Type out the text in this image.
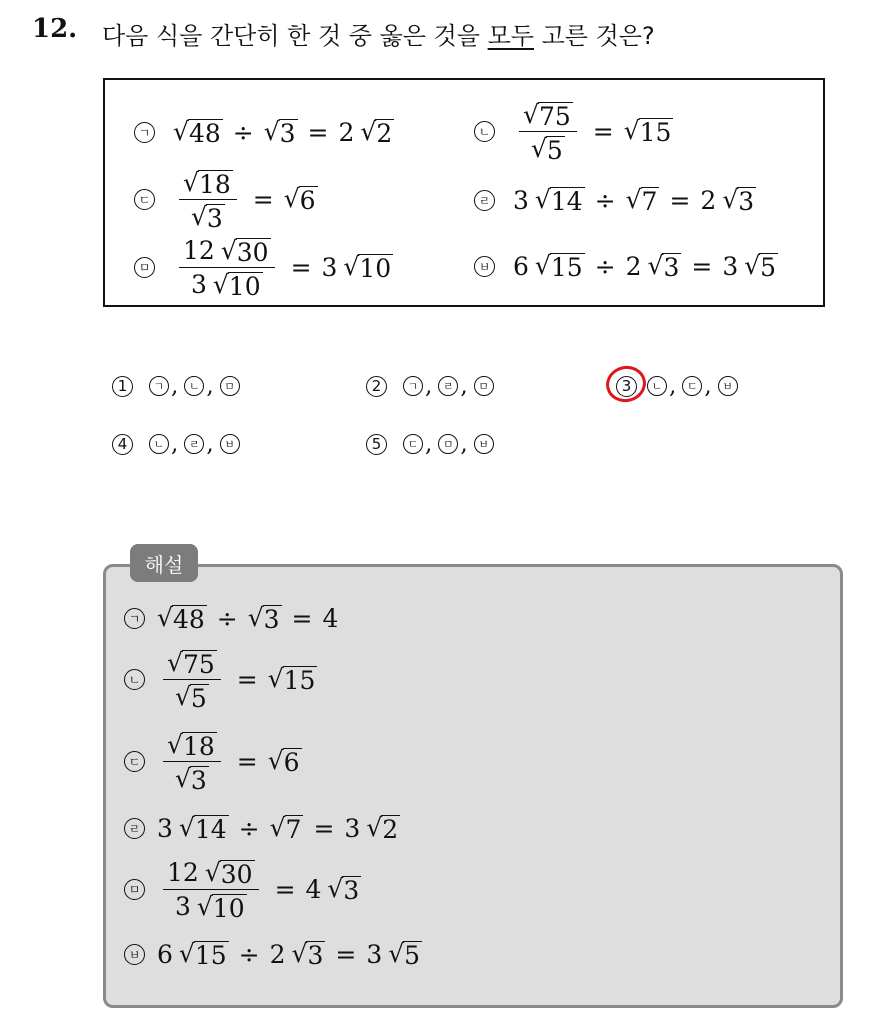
12. 다음 식을 간단히 한 것 중 옳은 것을 모두 고른 것은?
ㄱ √ 48 ÷ √ 3 = 2 √ 2	ㄴ $\frac{√ 75}{√ 5}$ = √ 15
ㄷ $\frac{√ 18}{√ 3}$ = √ 6	ㄹ 3 √ 14 ÷ √ 7 = 2 √ 3
ㅁ $\frac{12 √ 30}{3 √ 10} = 3$ √ 10	ㅂ 6 √ 15 ÷ 2 √ 3 = 3 √ 5
1	ㄱ , ㄴ , ㅁ	2	ㄱ , ㄹ , ㅁ	3	ㄴ , ㄷ , ㅂ
4	ㄴ , ㄹ , ㅂ	5	ㄷ , ㅁ , ㅂ
해설
ㄱ √ 48 ÷ √ 3 = 4
ㄴ $\frac{√ 75}{√ 5}$ = √ 15
ㄷ $\frac{√ 18}{√ 3}$ = √ 6
ㄹ 3 √ 14 ÷ √ 7 = 3 √ 2
ㅁ $\frac{12 √ 30}{3 √ 10} = 4$ √ 3
ㅂ 6 √ 15 ÷ 2 √ 3 = 3 √ 5
